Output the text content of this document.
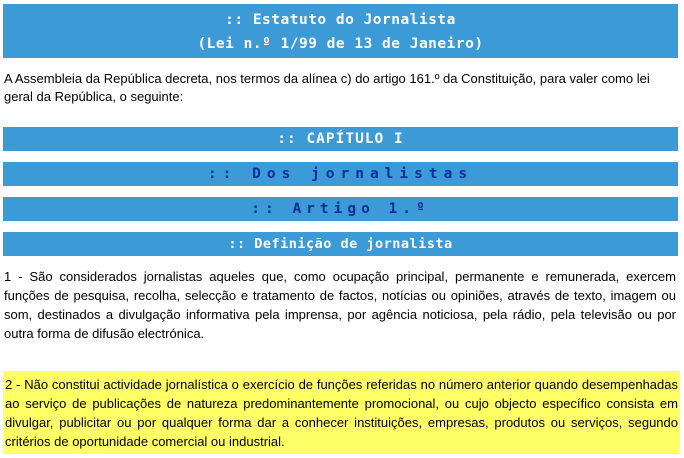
:: Estatuto do Jornalista
(Lei n.º 1/99 de 13 de Janeiro)
A Assembleia da República decreta, nos termos da alínea c) do artigo 161.º da Constituição, para valer como lei geral da República, o seguinte:
:: CAPÍTULO I
:: Dos jornalistas
:: Artigo 1.º
:: Definição de jornalista
1 - São considerados jornalistas aqueles que, como ocupação principal, permanente e remunerada, exercem funções de pesquisa, recolha, selecção e tratamento de factos, notícias ou opiniões, através de texto, imagem ou som, destinados a divulgação informativa pela imprensa, por agência noticiosa, pela rádio, pela televisão ou por outra forma de difusão electrónica.
2 - Não constitui actividade jornalística o exercício de funções referidas no número anterior quando desempenhadas ao serviço de publicações de natureza predominantemente promocional, ou cujo objecto específico consista em divulgar, publicitar ou por qualquer forma dar a conhecer instituições, empresas, produtos ou serviços, segundo critérios de oportunidade comercial ou industrial.
